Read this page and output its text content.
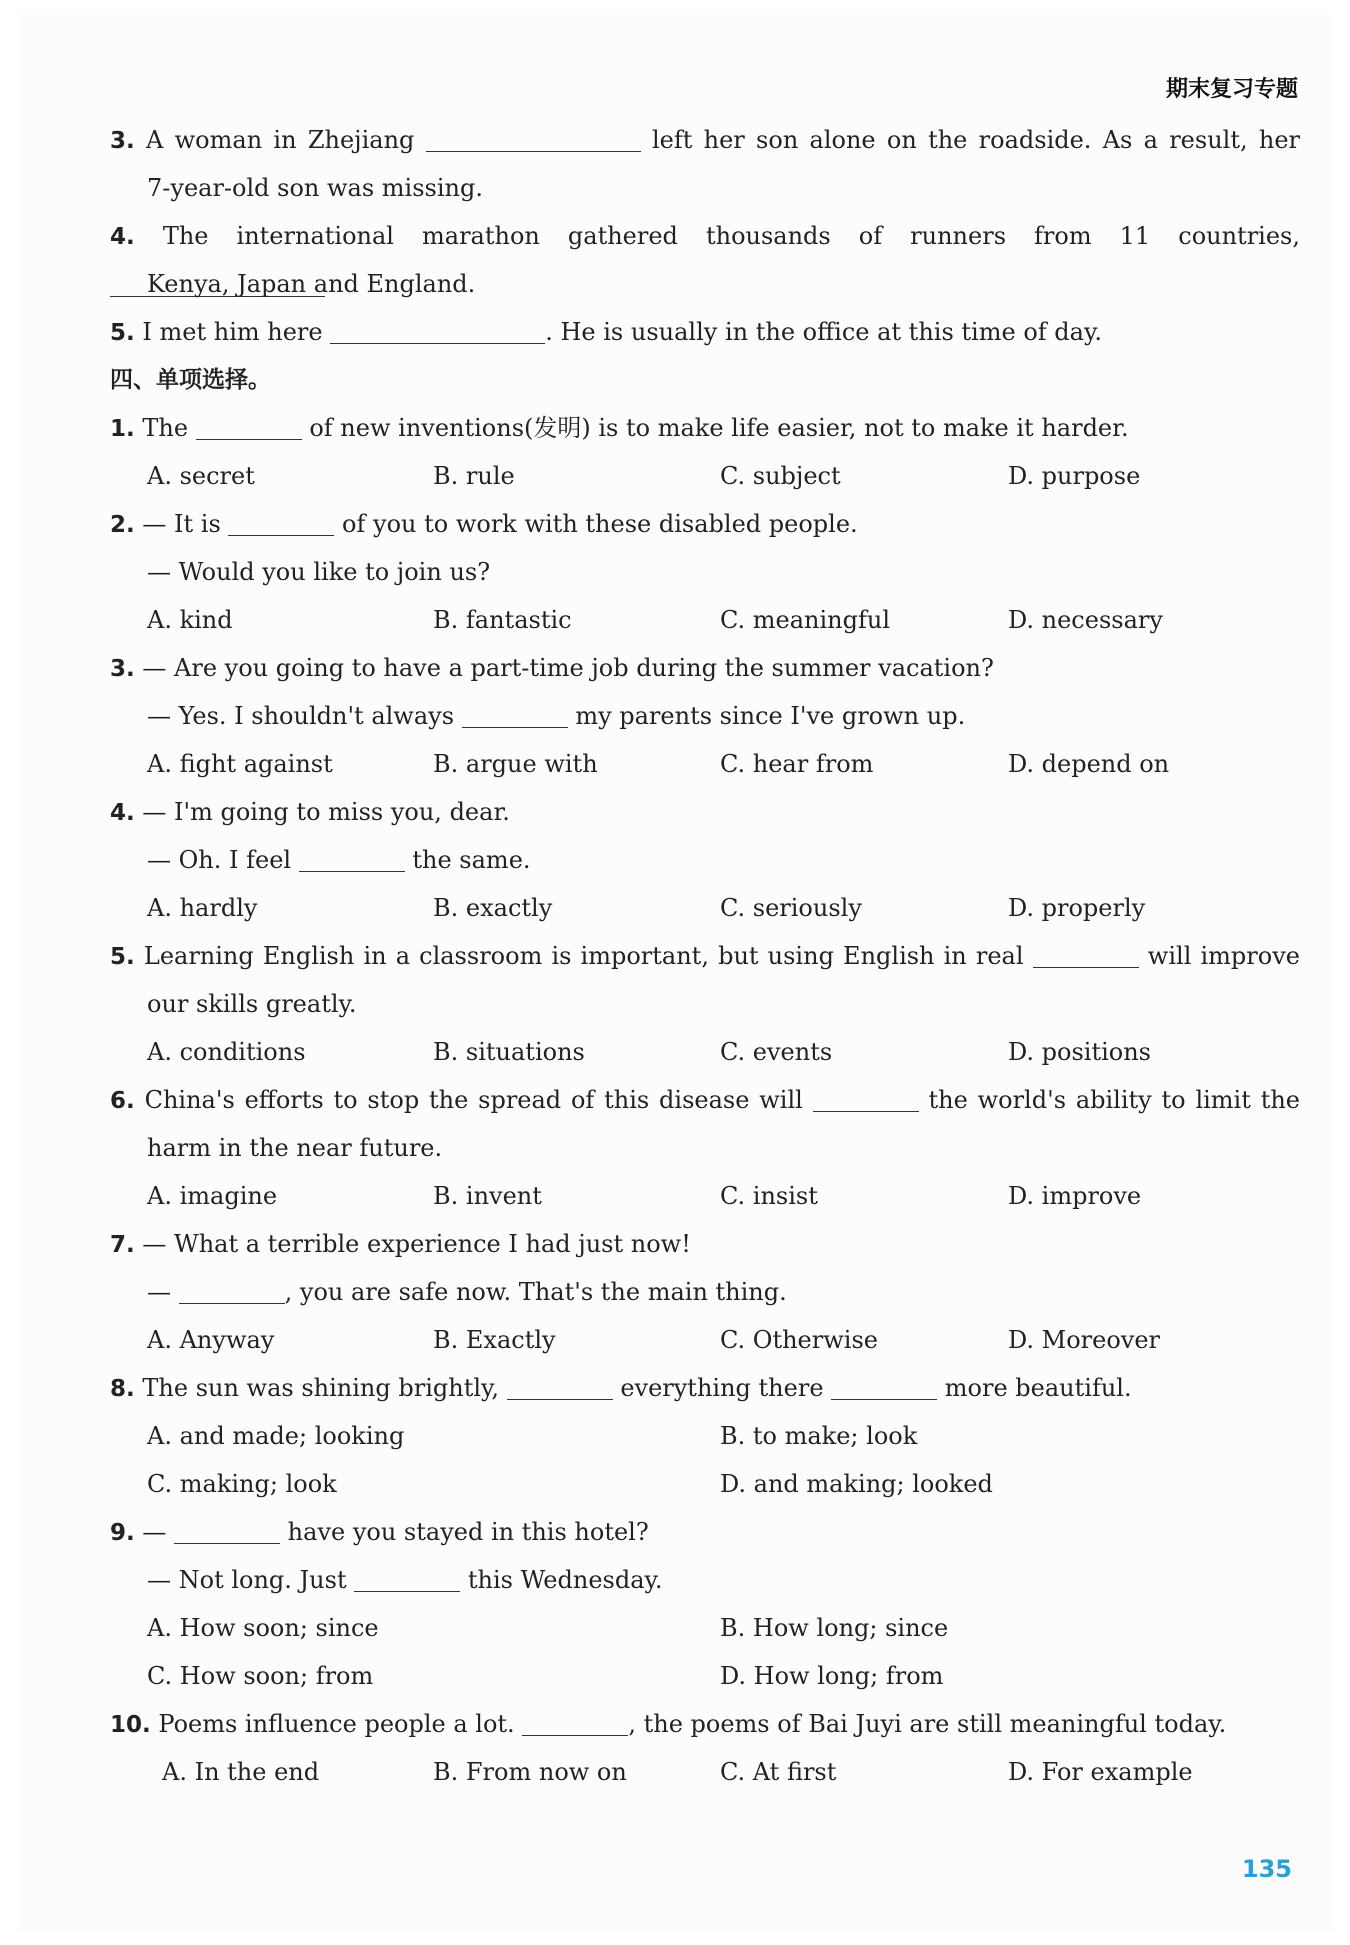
期末复习专题
3. A woman in Zhejiang	left her son alone on the roadside. As a result, her
7-year-old son was missing.
4. The international marathon gathered thousands of runners from 11 countries,
Kenya, Japan and England.
5. I met him here	. He is usually in the office at this time of day.
四、单项选择。
1. The	of new inventions(发明) is to make life easier, not to make it harder.
A. secret	B. rule	C. subject	D. purpose
2. — It is	of you to work with these disabled people.
— Would you like to join us?
A. kind	B. fantastic	C. meaningful	D. necessary
3. — Are you going to have a part-time job during the summer vacation?
— Yes. I shouldn't always	my parents since I've grown up.
A. fight against	B. argue with	C. hear from	D. depend on
4. — I'm going to miss you, dear.
— Oh. I feel	the same.
A. hardly	B. exactly	C. seriously	D. properly
5. Learning English in a classroom is important, but using English in real	will improve
our skills greatly.
A. conditions	B. situations	C. events	D. positions
6. China's efforts to stop the spread of this disease will	the world's ability to limit the
harm in the near future.
A. imagine	B. invent	C. insist	D. improve
7. — What a terrible experience I had just now!
—	, you are safe now. That's the main thing.
A. Anyway	B. Exactly	C. Otherwise	D. Moreover
8. The sun was shining brightly,	everything there	more beautiful.
A. and made; looking	B. to make; look
C. making; look	D. and making; looked
9. —	have you stayed in this hotel?
— Not long. Just	this Wednesday.
A. How soon; since	B. How long; since
C. How soon; from	D. How long; from
10. Poems influence people a lot.	, the poems of Bai Juyi are still meaningful today.
A. In the end	B. From now on	C. At first	D. For example
135
